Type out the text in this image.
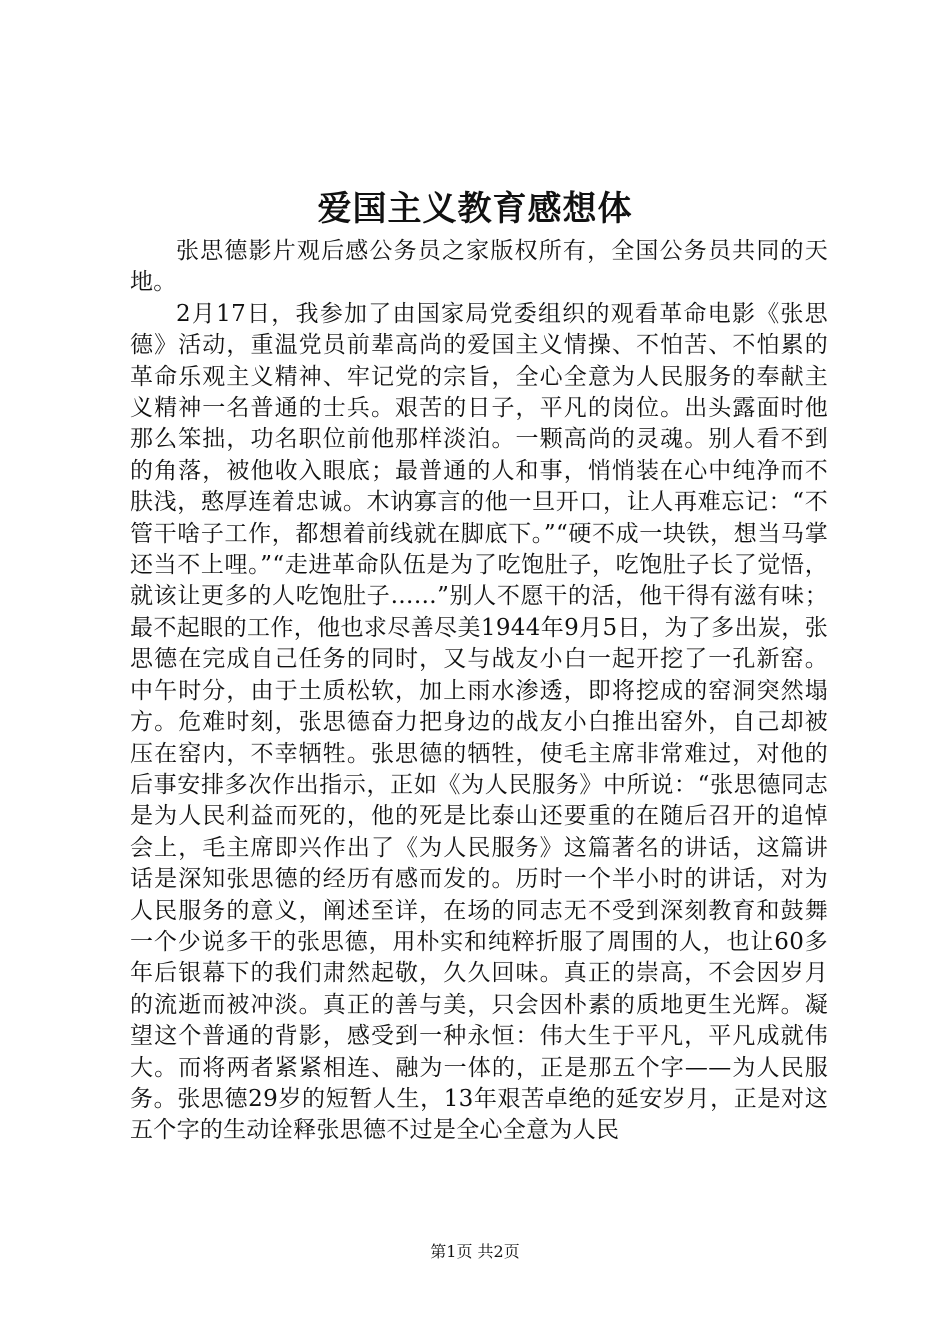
爱国主义教育感想体

张思德影片观后感公务员之家版权所有，全国公务员共同的天地。

2月17日，我参加了由国家局党委组织的观看革命电影《张思德》活动，重温党员前辈高尚的爱国主义情操、不怕苦、不怕累的革命乐观主义精神、牢记党的宗旨，全心全意为人民服务的奉献主义精神一名普通的士兵。艰苦的日子，平凡的岗位。出头露面时他那么笨拙，功名职位前他那样淡泊。一颗高尚的灵魂。别人看不到的角落，被他收入眼底；最普通的人和事，悄悄装在心中纯净而不肤浅，憨厚连着忠诚。木讷寡言的他一旦开口，让人再难忘记：“不管干啥子工作，都想着前线就在脚底下。”“硬不成一块铁，想当马掌还当不上哩。”“走进革命队伍是为了吃饱肚子，吃饱肚子长了觉悟，就该让更多的人吃饱肚子……”别人不愿干的活，他干得有滋有味；最不起眼的工作，他也求尽善尽美1944年9月5日，为了多出炭，张思德在完成自己任务的同时，又与战友小白一起开挖了一孔新窑。中午时分，由于土质松软，加上雨水渗透，即将挖成的窑洞突然塌方。危难时刻，张思德奋力把身边的战友小白推出窑外，自己却被压在窑内，不幸牺牲。张思德的牺牲，使毛主席非常难过，对他的后事安排多次作出指示，正如《为人民服务》中所说：“张思德同志是为人民利益而死的，他的死是比泰山还要重的在随后召开的追悼会上，毛主席即兴作出了《为人民服务》这篇著名的讲话，这篇讲话是深知张思德的经历有感而发的。历时一个半小时的讲话，对为人民服务的意义，阐述至详，在场的同志无不受到深刻教育和鼓舞一个少说多干的张思德，用朴实和纯粹折服了周围的人，也让60多年后银幕下的我们肃然起敬，久久回味。真正的崇高，不会因岁月的流逝而被冲淡。真正的善与美，只会因朴素的质地更生光辉。凝望这个普通的背影，感受到一种永恒：伟大生于平凡，平凡成就伟大。而将两者紧紧相连、融为一体的，正是那五个字——为人民服务。张思德29岁的短暂人生，13年艰苦卓绝的延安岁月，正是对这五个字的生动诠释张思德不过是全心全意为人民

第1页 共2页
